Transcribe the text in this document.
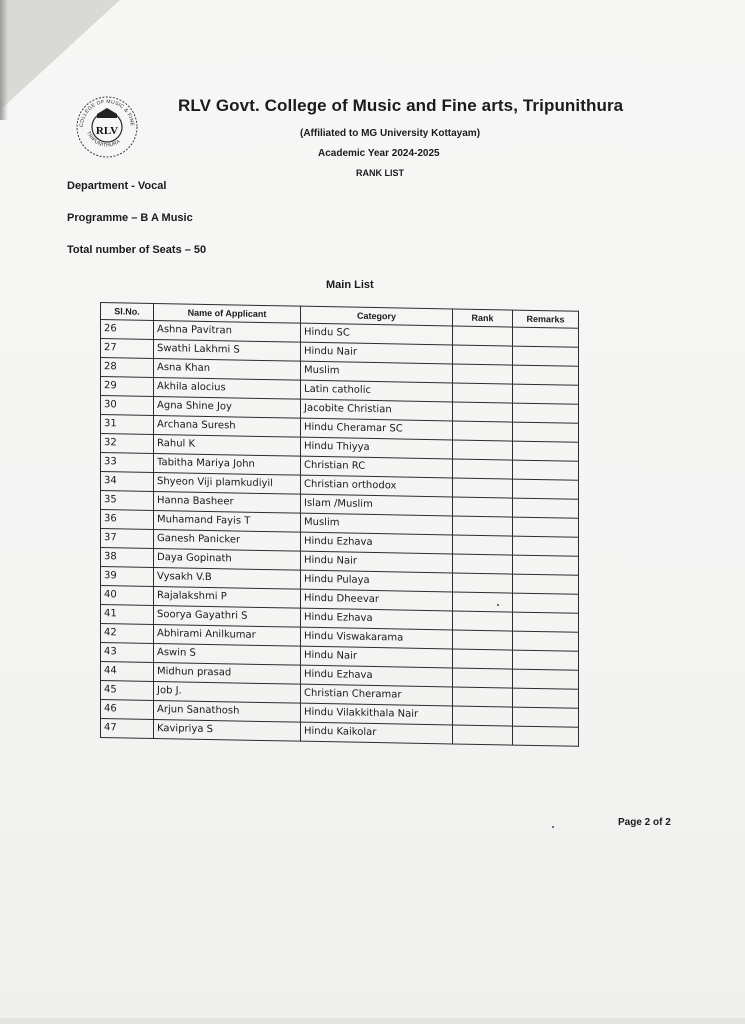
COLLEGE OF MUSIC & FINE
TRIPUNITHURA
RLV
RLV Govt. College of Music and Fine arts, Tripunithura
(Affiliated to MG University Kottayam)
Academic Year 2024-2025
RANK LIST
Department - Vocal
Programme – B A Music
Total number of Seats – 50
Main List
Sl.No.	Name of Applicant	Category	Rank	Remarks
26	Ashna Pavitran	Hindu SC		
27	Swathi Lakhmi S	Hindu Nair		
28	Asna Khan	Muslim		
29	Akhila alocius	Latin catholic		
30	Agna Shine Joy	Jacobite Christian		
31	Archana Suresh	Hindu Cheramar SC		
32	Rahul K	Hindu Thiyya		
33	Tabitha Mariya John	Christian RC		
34	Shyeon Viji plamkudiyil	Christian orthodox		
35	Hanna Basheer	Islam /Muslim		
36	Muhamand Fayis T	Muslim		
37	Ganesh Panicker	Hindu Ezhava		
38	Daya Gopinath	Hindu Nair		
39	Vysakh V.B	Hindu Pulaya		
40	Rajalakshmi P	Hindu Dheevar		
41	Soorya Gayathri S	Hindu Ezhava		
42	Abhirami Anilkumar	Hindu Viswakarama		
43	Aswin S	Hindu Nair		
44	Midhun prasad	Hindu Ezhava		
45	Job J.	Christian Cheramar		
46	Arjun Sanathosh	Hindu Vilakkithala Nair		
47	Kavipriya S	Hindu Kaikolar		
Page 2 of 2
